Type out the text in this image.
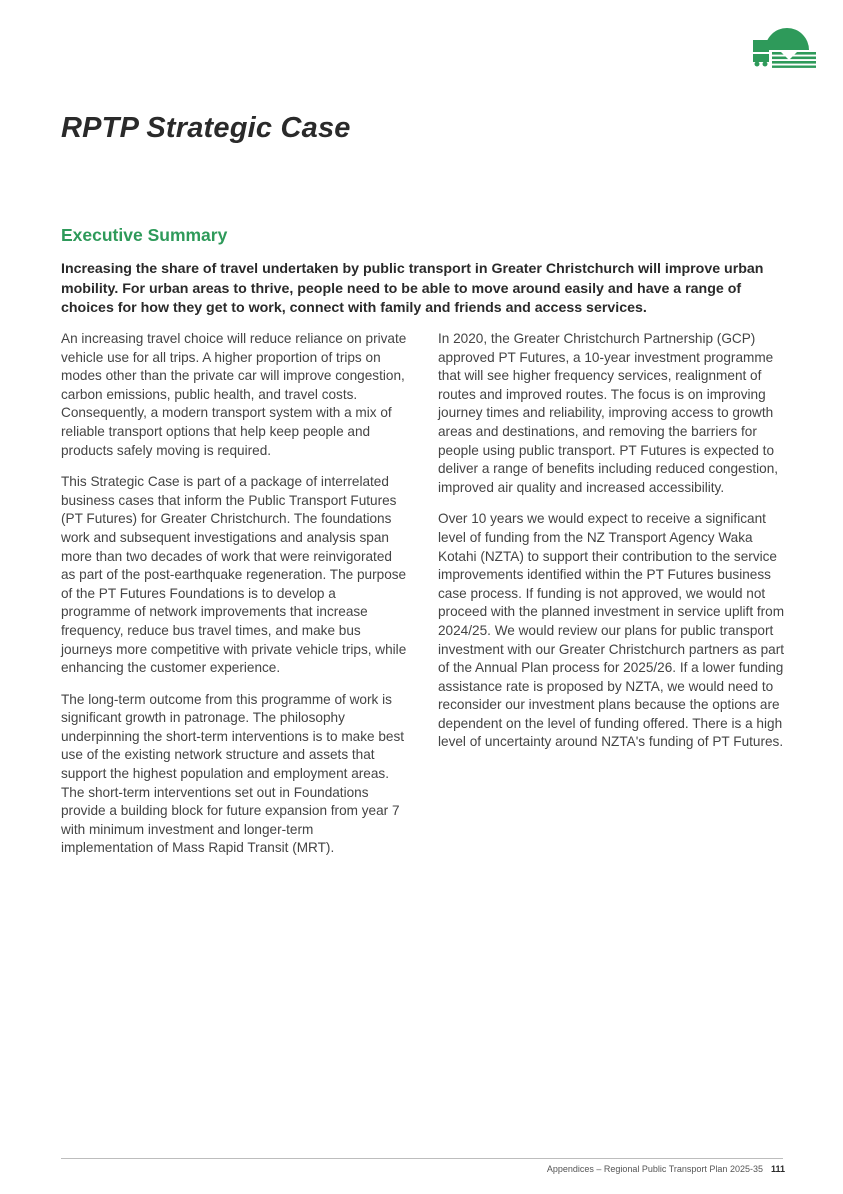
RPTP Strategic Case
Executive Summary

Increasing the share of travel undertaken by public transport in Greater Christchurch will improve urban mobility. For urban areas to thrive, people need to be able to move around easily and have a range of choices for how they get to work, connect with family and friends and access services.

An increasing travel choice will reduce reliance on private vehicle use for all trips. A higher proportion of trips on modes other than the private car will improve congestion, carbon emissions, public health, and travel costs. Consequently, a modern transport system with a mix of reliable transport options that help keep people and products safely moving is required.

This Strategic Case is part of a package of interrelated business cases that inform the Public Transport Futures (PT Futures) for Greater Christchurch. The foundations work and subsequent investigations and analysis span more than two decades of work that were reinvigorated as part of the post-earthquake regeneration. The purpose of the PT Futures Foundations is to develop a programme of network improvements that increase frequency, reduce bus travel times, and make bus journeys more competitive with private vehicle trips, while enhancing the customer experience.

The long-term outcome from this programme of work is significant growth in patronage. The philosophy underpinning the short-term interventions is to make best use of the existing network structure and assets that support the highest population and employment areas. The short-term interventions set out in Foundations provide a building block for future expansion from year 7 with minimum investment and longer-term implementation of Mass Rapid Transit (MRT).

In 2020, the Greater Christchurch Partnership (GCP) approved PT Futures, a 10-year investment programme that will see higher frequency services, realignment of routes and improved routes. The focus is on improving journey times and reliability, improving access to growth areas and destinations, and removing the barriers for people using public transport. PT Futures is expected to deliver a range of benefits including reduced congestion, improved air quality and increased accessibility.

Over 10 years we would expect to receive a significant level of funding from the NZ Transport Agency Waka Kotahi (NZTA) to support their contribution to the service improvements identified within the PT Futures business case process. If funding is not approved, we would not proceed with the planned investment in service uplift from 2024/25. We would review our plans for public transport investment with our Greater Christchurch partners as part of the Annual Plan process for 2025/26. If a lower funding assistance rate is proposed by NZTA, we would need to reconsider our investment plans because the options are dependent on the level of funding offered. There is a high level of uncertainty around NZTA's funding of PT Futures.

Appendices – Regional Public Transport Plan 2025-35 111
